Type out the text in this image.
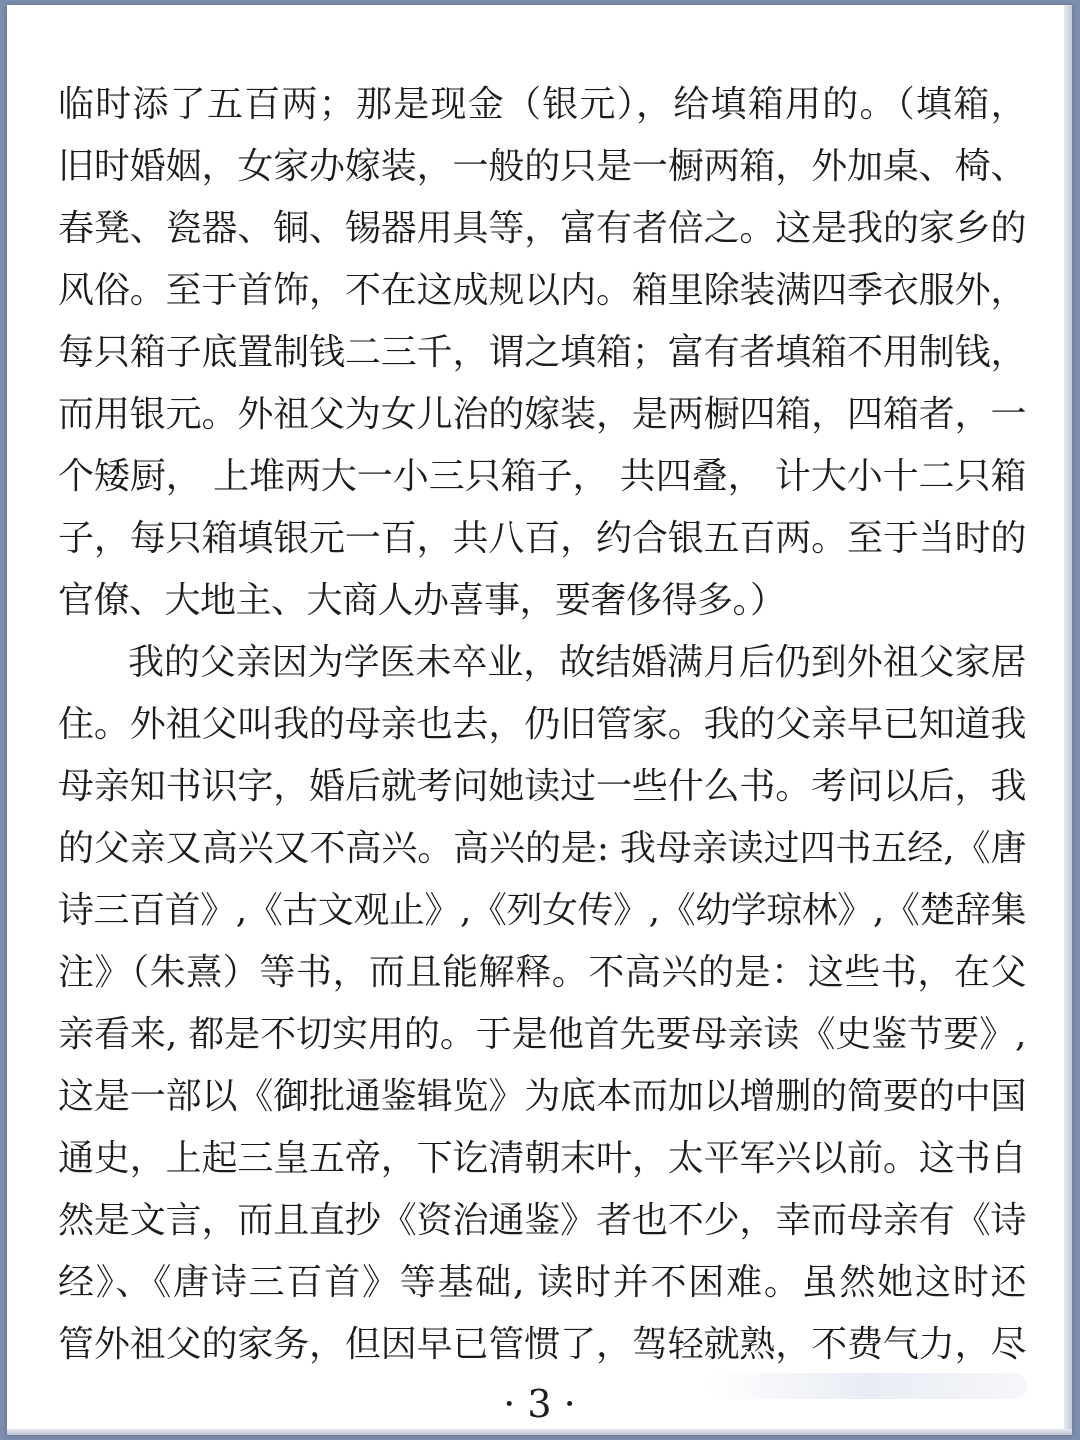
临时添了五百两；那是现金（银元），给填箱用的。（填箱，
旧时婚姻，女家办嫁装，一般的只是一橱两箱，外加桌、椅、
春凳、瓷器、铜、锡器用具等，富有者倍之。这是我的家乡的
风俗。至于首饰，不在这成规以内。箱里除装满四季衣服外，
每只箱子底置制钱二三千，谓之填箱；富有者填箱不用制钱，
而用银元。外祖父为女儿治的嫁装，是两橱四箱，四箱者，一
个矮厨， 上堆两大一小三只箱子， 共四叠， 计大小十二只箱
子，每只箱填银元一百，共八百，约合银五百两。至于当时的
官僚、大地主、大商人办喜事，要奢侈得多。）
我的父亲因为学医未卒业，故结婚满月后仍到外祖父家居
住。外祖父叫我的母亲也去，仍旧管家。我的父亲早已知道我
母亲知书识字，婚后就考问她读过一些什么书。考问以后，我
的父亲又高兴又不高兴。高兴的是: 我母亲读过四书五经,《唐
诗三百首》,《古文观止》,《列女传》,《幼学琼林》,《楚辞集
注》（朱熹）等书，而且能解释。不高兴的是：这些书，在父
亲看来, 都是不切实用的。于是他首先要母亲读《史鉴节要》,
这是一部以《御批通鉴辑览》为底本而加以增删的简要的中国
通史，上起三皇五帝，下讫清朝末叶，太平军兴以前。这书自
然是文言，而且直抄《资治通鉴》者也不少，幸而母亲有《诗
经》、《唐诗三百首》等基础, 读时并不困难。虽然她这时还
管外祖父的家务，但因早已管惯了，驾轻就熟，不费气力，尽
· 3 ·
